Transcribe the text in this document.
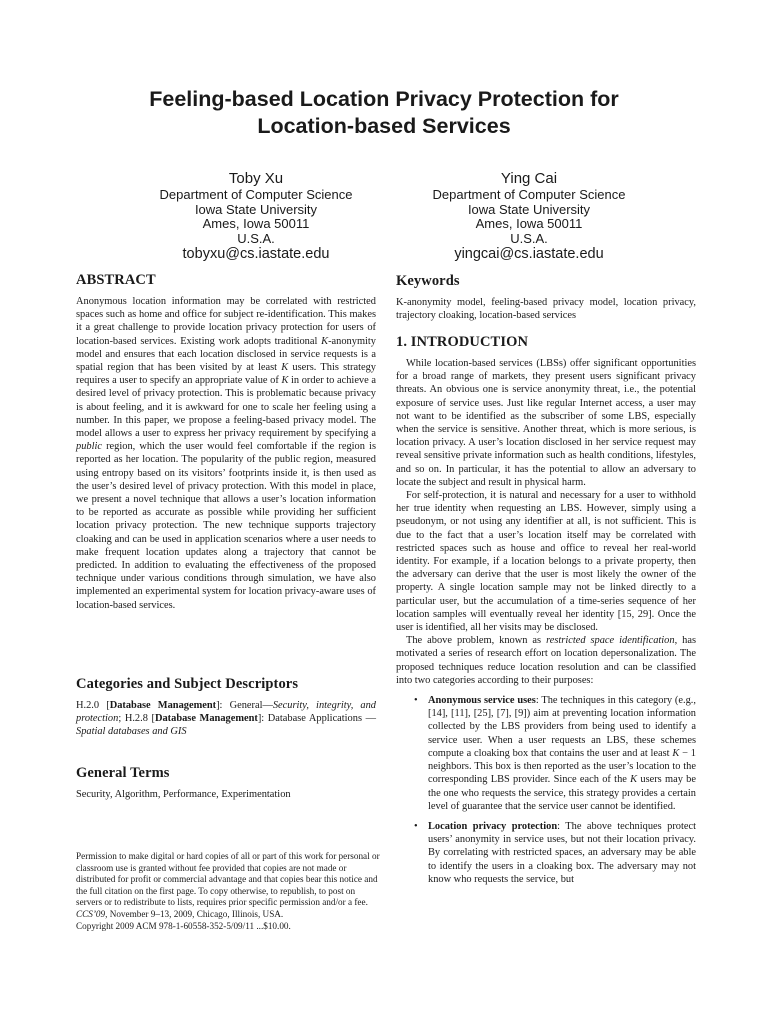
Feeling-based Location Privacy Protection for
Location-based Services
Toby Xu
Department of Computer Science
Iowa State University
Ames, Iowa 50011
U.S.A.
tobyxu@cs.iastate.edu
Ying Cai
Department of Computer Science
Iowa State University
Ames, Iowa 50011
U.S.A.
yingcai@cs.iastate.edu
ABSTRACT

Anonymous location information may be correlated with restricted spaces such as home and office for subject re-identification. This makes it a great challenge to provide location privacy protection for users of location-based services. Existing work adopts traditional K-anonymity model and ensures that each location disclosed in service requests is a spatial region that has been visited by at least K users. This strategy requires a user to specify an appropriate value of K in order to achieve a desired level of privacy protection. This is problematic because privacy is about feeling, and it is awkward for one to scale her feeling using a number. In this paper, we propose a feeling-based privacy model. The model allows a user to express her privacy requirement by specifying a public region, which the user would feel comfortable if the region is reported as her location. The popularity of the public region, measured using entropy based on its visitors’ footprints inside it, is then used as the user’s desired level of privacy protection. With this model in place, we present a novel technique that allows a user’s location information to be reported as accurate as possible while providing her sufficient location privacy protection. The new technique supports trajectory cloaking and can be used in application scenarios where a user needs to make frequent location updates along a trajectory that cannot be predicted. In addition to evaluating the effectiveness of the proposed technique under various conditions through simulation, we have also implemented an experimental system for location privacy-aware uses of location-based services.

Categories and Subject Descriptors

H.2.0 [Database Management]: General—Security, integrity, and protection; H.2.8 [Database Management]: Database Applications —Spatial databases and GIS

General Terms

Security, Algorithm, Performance, Experimentation

Permission to make digital or hard copies of all or part of this work for personal or classroom use is granted without fee provided that copies are not made or distributed for profit or commercial advantage and that copies bear this notice and the full citation on the first page. To copy otherwise, to republish, to post on servers or to redistribute to lists, requires prior specific permission and/or a fee.

CCS’09, November 9–13, 2009, Chicago, Illinois, USA.

Copyright 2009 ACM 978-1-60558-352-5/09/11 ...$10.00.

Keywords

K-anonymity model, feeling-based privacy model, location privacy, trajectory cloaking, location-based services

1. INTRODUCTION

While location-based services (LBSs) offer significant opportunities for a broad range of markets, they present users significant privacy threats. An obvious one is service anonymity threat, i.e., the potential exposure of service uses. Just like regular Internet access, a user may not want to be identified as the subscriber of some LBS, especially when the service is sensitive. Another threat, which is more serious, is location privacy. A user’s location disclosed in her service request may reveal sensitive private information such as health conditions, lifestyles, and so on. In particular, it has the potential to allow an adversary to locate the subject and result in physical harm.

For self-protection, it is natural and necessary for a user to withhold her true identity when requesting an LBS. However, simply using a pseudonym, or not using any identifier at all, is not sufficient. This is due to the fact that a user’s location itself may be correlated with restricted spaces such as house and office to reveal her real-world identity. For example, if a location belongs to a private property, then the adversary can derive that the user is most likely the owner of the property. A single location sample may not be linked directly to a particular user, but the accumulation of a time-series sequence of her location samples will eventually reveal her identity [15, 29]. Once the user is identified, all her visits may be disclosed.

The above problem, known as restricted space identification, has motivated a series of research effort on location depersonalization. The proposed techniques reduce location resolution and can be classified into two categories according to their purposes:

• Anonymous service uses: The techniques in this category (e.g., [14], [11], [25], [7], [9]) aim at preventing location information collected by the LBS providers from being used to identify a service user. When a user requests an LBS, these schemes compute a cloaking box that contains the user and at least K − 1 neighbors. This box is then reported as the user’s location to the corresponding LBS provider. Since each of the K users may be the one who requests the service, this strategy provides a certain level of guarantee that the service user cannot be identified.
• Location privacy protection: The above techniques protect users’ anonymity in service uses, but not their location privacy. By correlating with restricted spaces, an adversary may be able to identify the users in a cloaking box. The adversary may not know who requests the service, but
